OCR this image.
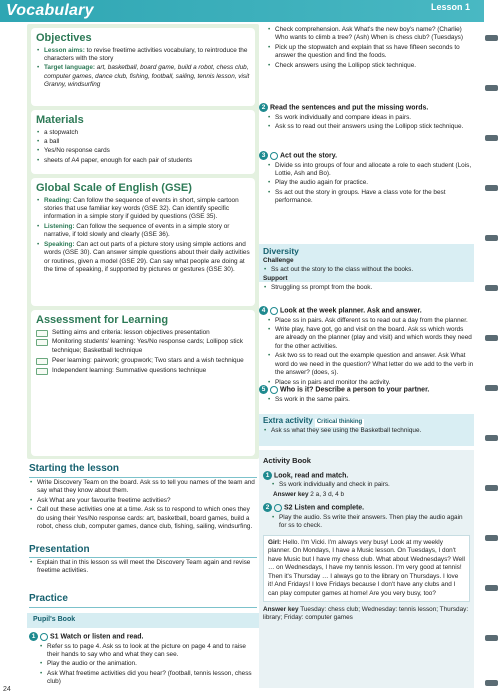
Vocabulary	Lesson 1
Objectives
• Lesson aims: to revise freetime activities vocabulary, to reintroduce the characters with the story
• Target language: art, basketball, board game, build a robot, chess club, computer games, dance club, fishing, football, sailing, tennis lesson, visit Granny, windsurfing
Materials
• a stopwatch
• a ball
• Yes/No response cards
• sheets of A4 paper, enough for each pair of students
Global Scale of English (GSE)
• Reading: Can follow the sequence of events in short, simple cartoon stories that use familiar key words (GSE 32). Can identify specific information in a simple story if guided by questions (GSE 35).
• Listening: Can follow the sequence of events in a simple story or narrative, if told slowly and clearly (GSE 36).
• Speaking: Can act out parts of a picture story using simple actions and words (GSE 30). Can answer simple questions about their daily activities or routines, given a model (GSE 29). Can say what people are doing at the time of speaking, if supported by pictures or gestures (GSE 30).
Assessment for Learning
Setting aims and criteria: lesson objectives presentation
Monitoring students' learning: Yes/No response cards; Lollipop stick technique; Basketball technique
Peer learning: pairwork; groupwork; Two stars and a wish technique
Independent learning: Summative questions technique
Starting the lesson
• Write Discovery Team on the board. Ask ss to tell you names of the team and say what they know about them.
• Ask What are your favourite freetime activities?
• Call out these activities one at a time. Ask ss to respond to which ones they do using their Yes/No response cards: art, basketball, board games, build a robot, chess club, computer games, dance club, fishing, sailing, windsurfing.
Presentation
• Explain that in this lesson ss will meet the Discovery Team again and revise freetime activities.
Practice
Pupil's Book
1 S1 Watch or listen and read.
• Refer ss to page 4. Ask ss to look at the picture on page 4 and to raise their hands to say who and what they can see.
• Play the audio or the animation.
• Ask What freetime activities did you hear? (football, tennis lesson, chess club)
24
• Check comprehension. Ask What's the new boy's name? (Charlie) Who wants to climb a tree? (Ash) When is chess club? (Tuesdays)
• Pick up the stopwatch and explain that ss have fifteen seconds to answer the question and find the foods.
• Check answers using the Lollipop stick technique.
2 Read the sentences and put the missing words.
• Ss work individually and compare ideas in pairs.
• Ask ss to read out their answers using the Lollipop stick technique.
3 Act out the story.
• Divide ss into groups of four and allocate a role to each student (Lois, Lottie, Ash and Bo).
• Play the audio again for practice.
• Ss act out the story in groups. Have a class vote for the best performance.
Diversity
Challenge
• Ss act out the story to the class without the books.
Support
• Struggling ss prompt from the book.
4 Look at the week planner. Ask and answer.
• Place ss in pairs. Ask different ss to read out a day from the planner.
• Write play, have got, go and visit on the board. Ask ss which words are already on the planner (play and visit) and which words they need for the other activities.
• Ask two ss to read out the example question and answer. Ask What word do we need in the question? What letter do we add to the verb in the answer? (does, s).
• Place ss in pairs and monitor the activity.
5 Who is it? Describe a person to your partner.
• Ss work in the same pairs.
Extra activity Critical thinking
• Ask ss what they see using the Basketball technique.
Activity Book
1 Look, read and match.
• Ss work individually and check in pairs.
Answer key 2 a, 3 d, 4 b
2 S2 Listen and complete.
• Play the audio. Ss write their answers. Then play the audio again for ss to check.
Girl: Hello. I'm Vicki. I'm always very busy! Look at my weekly planner. On Mondays, I have a Music lesson. On Tuesdays, I don't have Music but I have my chess club. What about Wednesdays? Well … on Wednesdays, I have my tennis lesson. I'm very good at tennis! Then it's Thursday … I always go to the library on Thursdays. I love it! And Fridays! I love Fridays because I don't have any clubs and I can play computer games at home! Are you very busy, too?
Answer key Tuesday: chess club; Wednesday: tennis lesson; Thursday: library; Friday: computer games
